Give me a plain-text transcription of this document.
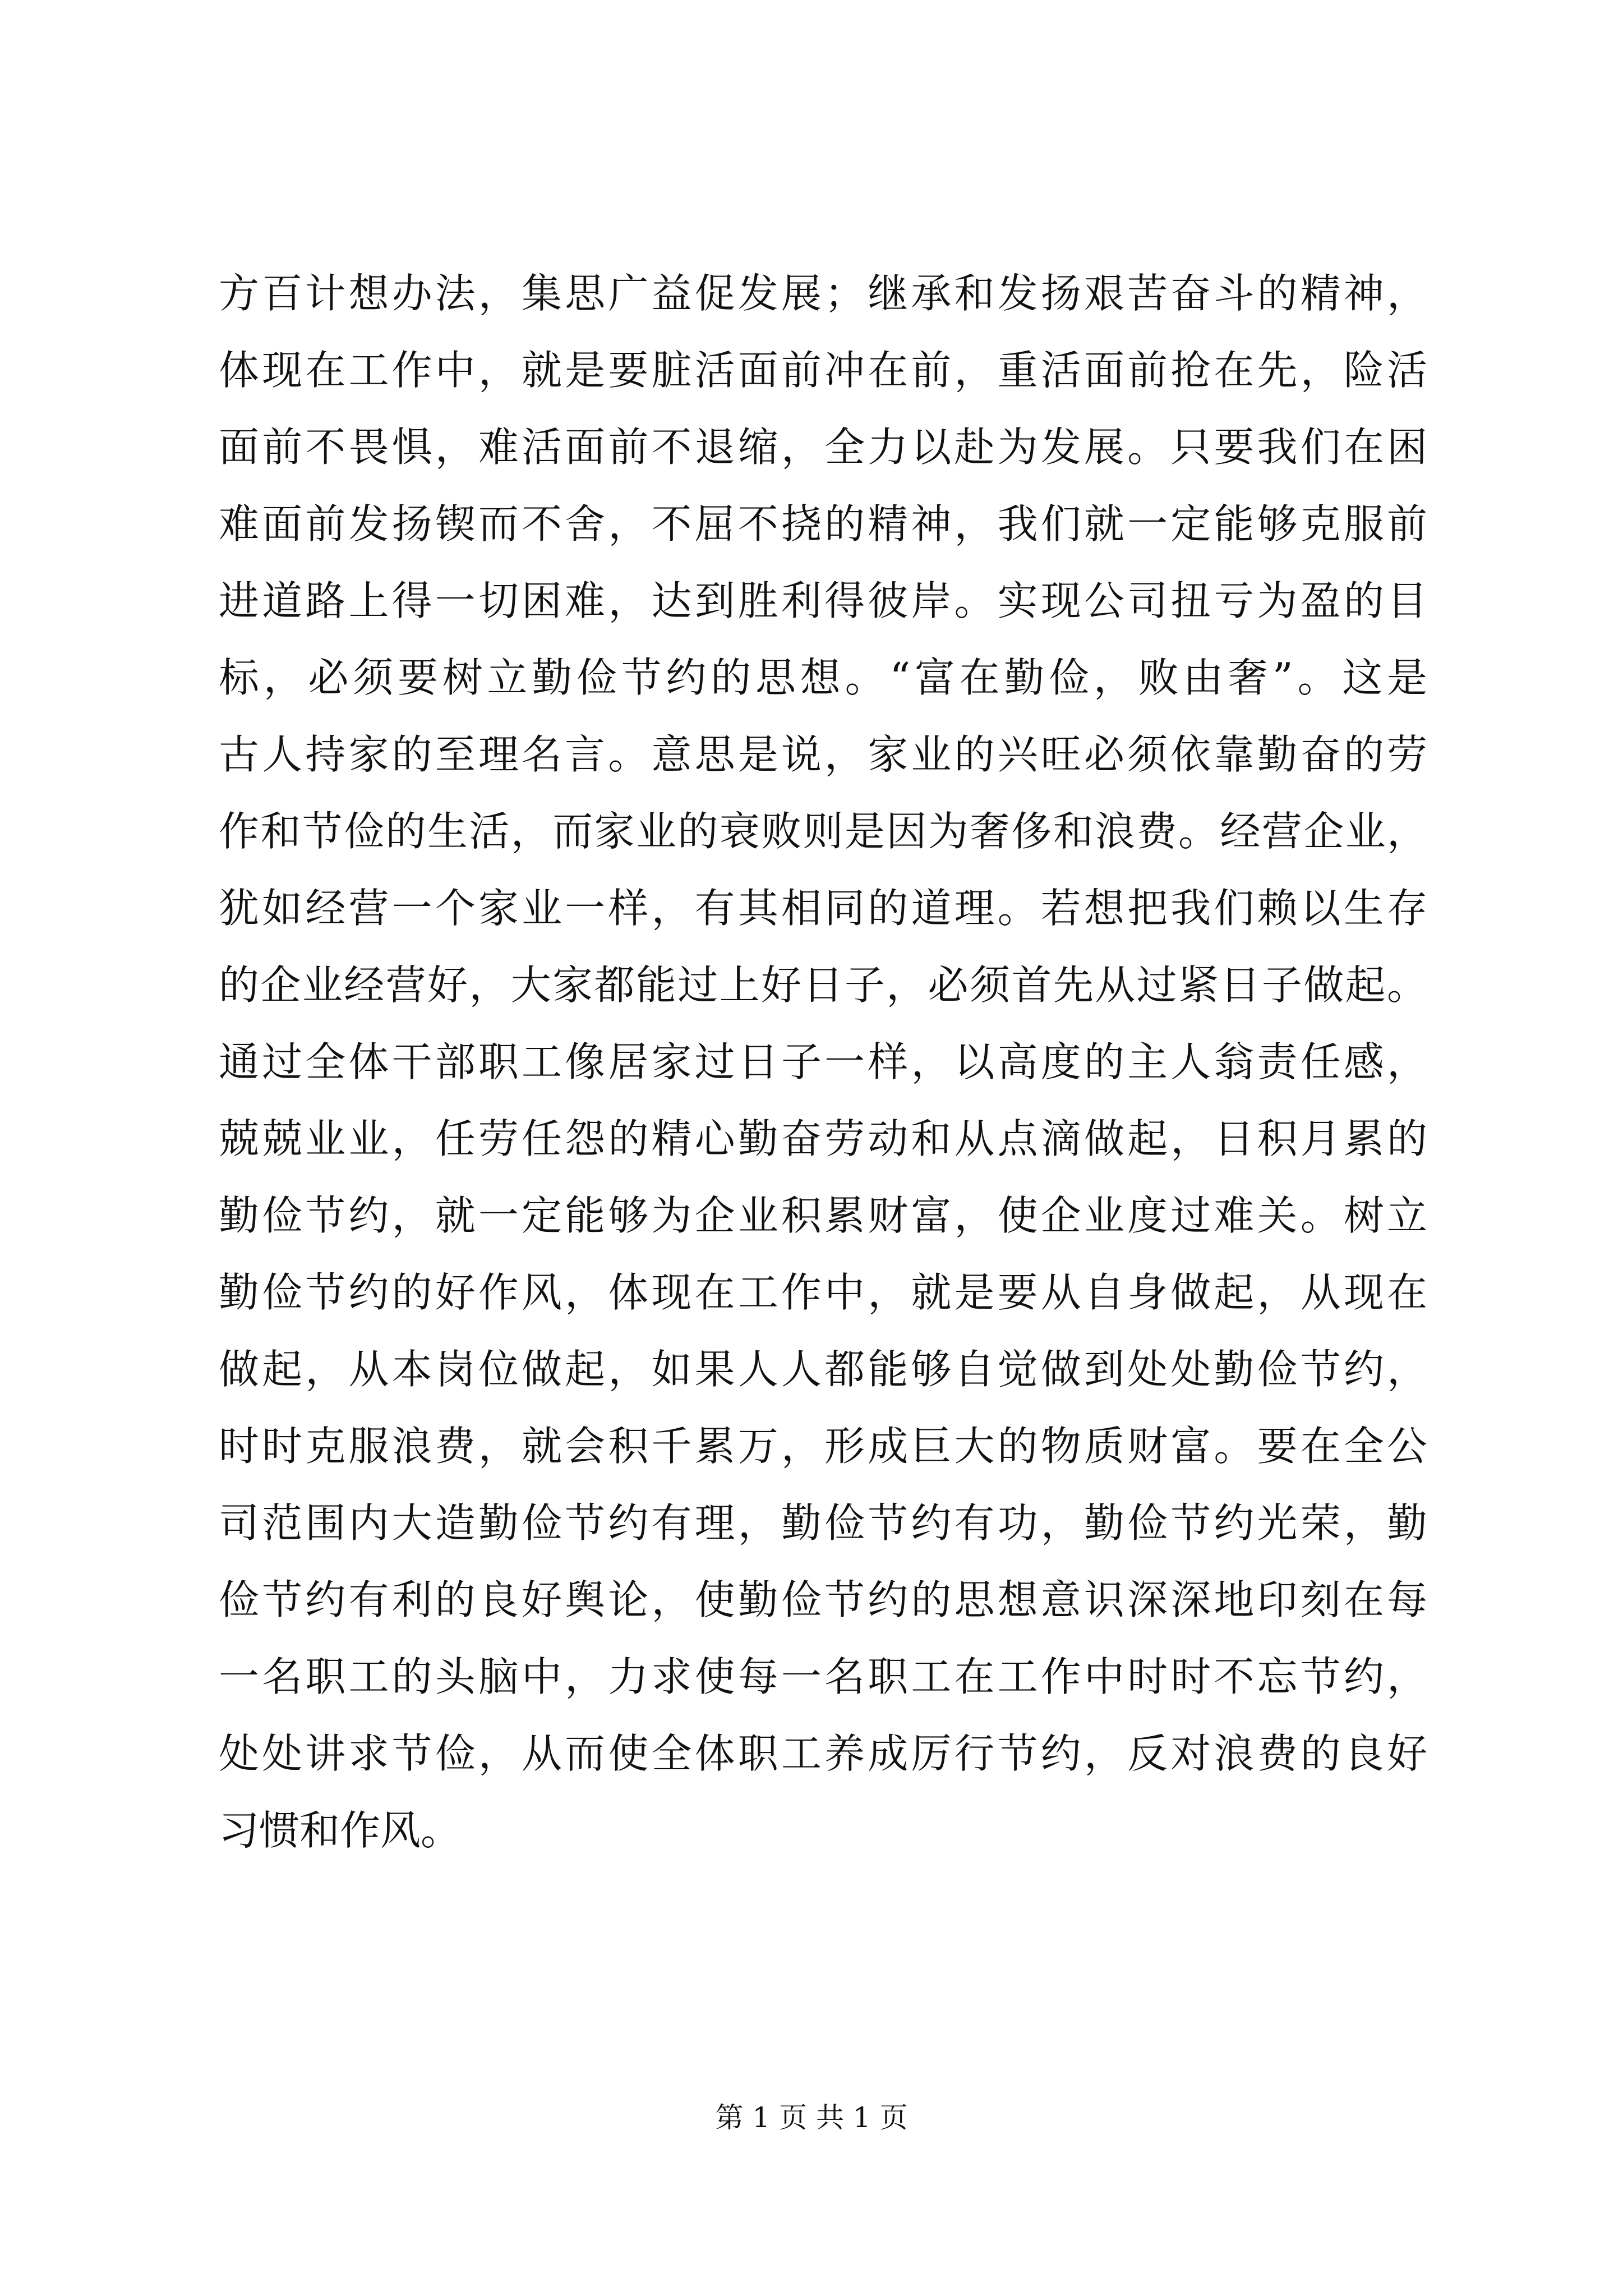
方百计想办法，集思广益促发展；继承和发扬艰苦奋斗的精神，
体现在工作中，就是要脏活面前冲在前，重活面前抢在先，险活
面前不畏惧，难活面前不退缩，全力以赴为发展。只要我们在困
难面前发扬锲而不舍，不屈不挠的精神，我们就一定能够克服前
进道路上得一切困难，达到胜利得彼岸。实现公司扭亏为盈的目
标，必须要树立勤俭节约的思想。“富在勤俭，败由奢”。这是
古人持家的至理名言。意思是说，家业的兴旺必须依靠勤奋的劳
作和节俭的生活，而家业的衰败则是因为奢侈和浪费。经营企业，
犹如经营一个家业一样，有其相同的道理。若想把我们赖以生存
的企业经营好，大家都能过上好日子，必须首先从过紧日子做起。
通过全体干部职工像居家过日子一样，以高度的主人翁责任感，
兢兢业业，任劳任怨的精心勤奋劳动和从点滴做起，日积月累的
勤俭节约，就一定能够为企业积累财富，使企业度过难关。树立
勤俭节约的好作风，体现在工作中，就是要从自身做起，从现在
做起，从本岗位做起，如果人人都能够自觉做到处处勤俭节约，
时时克服浪费，就会积千累万，形成巨大的物质财富。要在全公
司范围内大造勤俭节约有理，勤俭节约有功，勤俭节约光荣，勤
俭节约有利的良好舆论，使勤俭节约的思想意识深深地印刻在每
一名职工的头脑中，力求使每一名职工在工作中时时不忘节约，
处处讲求节俭，从而使全体职工养成厉行节约，反对浪费的良好
习惯和作风。
第 1 页 共 1 页
